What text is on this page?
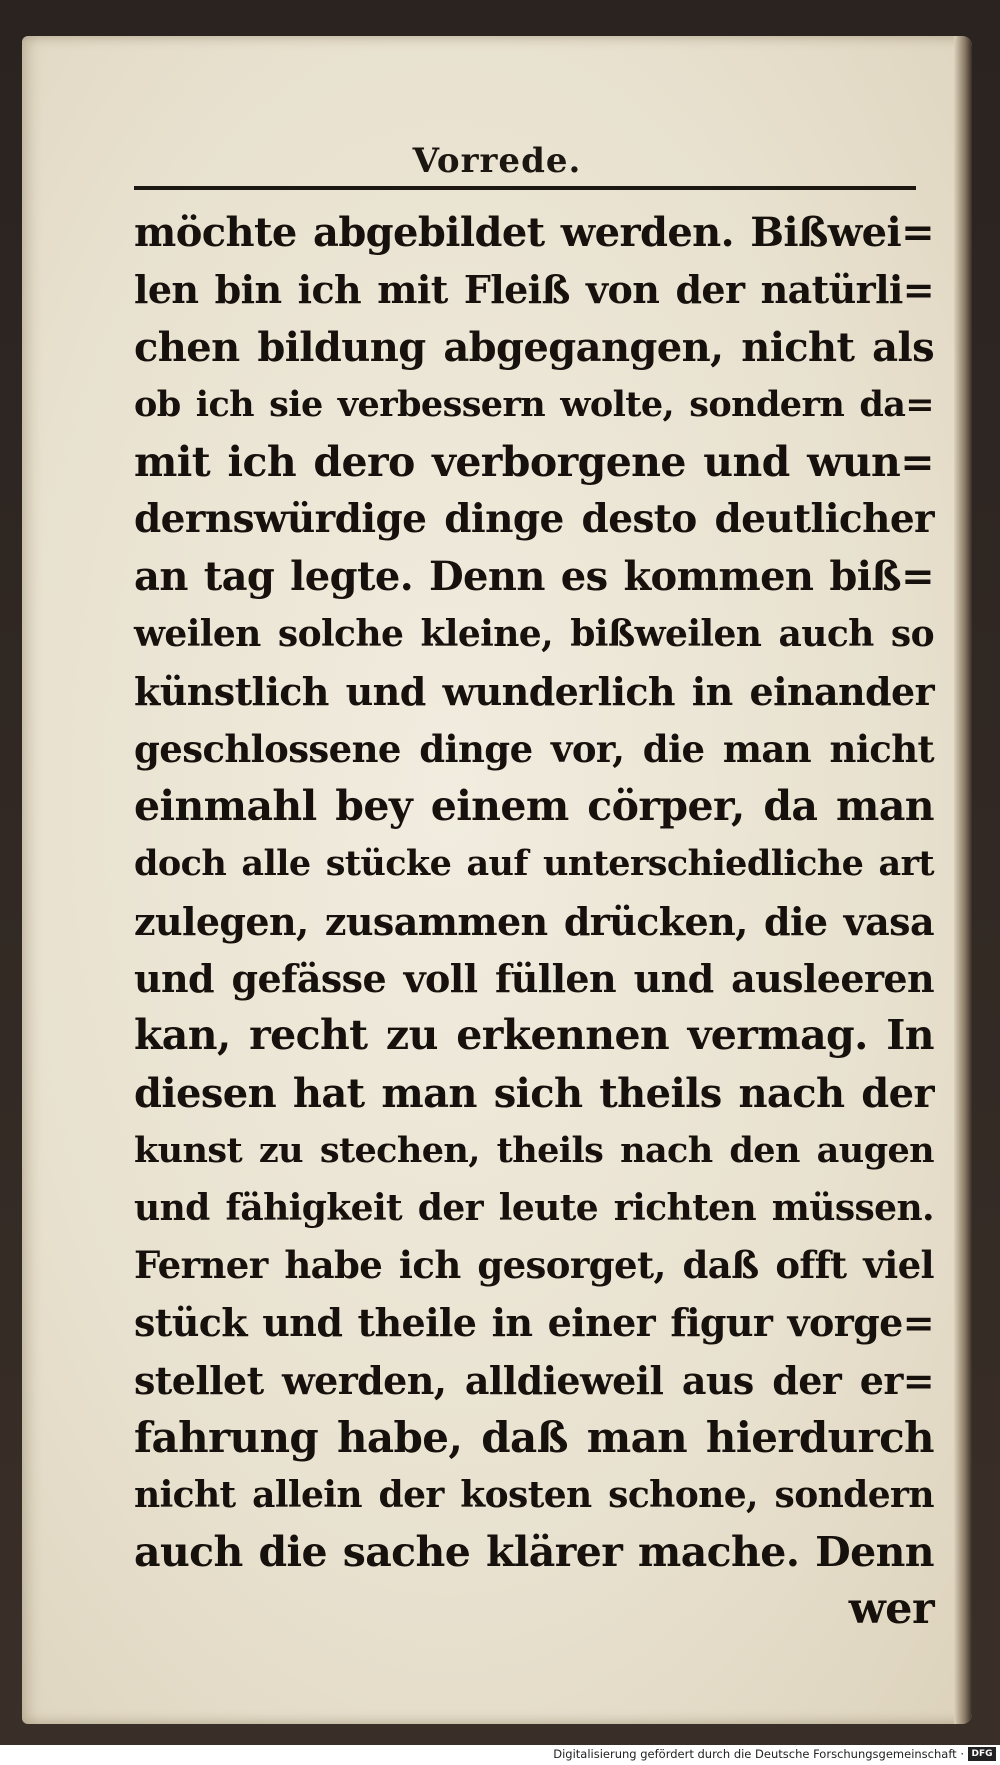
Vorrede.
möchte abgebildet werden. Bißwei=
len bin ich mit Fleiß von der natürli=
chen bildung abgegangen, nicht als
ob ich sie verbessern wolte, sondern da=
mit ich dero verborgene und wun=
dernswürdige dinge desto deutlicher
an tag legte. Denn es kommen biß=
weilen solche kleine, bißweilen auch so
künstlich und wunderlich in einander
geschlossene dinge vor, die man nicht
einmahl bey einem cörper, da man
doch alle stücke auf unterschiedliche art
zulegen, zusammen drücken, die vasa
und gefässe voll füllen und ausleeren
kan, recht zu erkennen vermag. In
diesen hat man sich theils nach der
kunst zu stechen, theils nach den augen
und fähigkeit der leute richten müssen.
Ferner habe ich gesorget, daß offt viel
stück und theile in einer figur vorge=
stellet werden, alldieweil aus der er=
fahrung habe, daß man hierdurch
nicht allein der kosten schone, sondern
auch die sache klärer mache. Denn
wer
Digitalisierung gefördert durch die Deutsche Forschungsgemeinschaft · DFG
